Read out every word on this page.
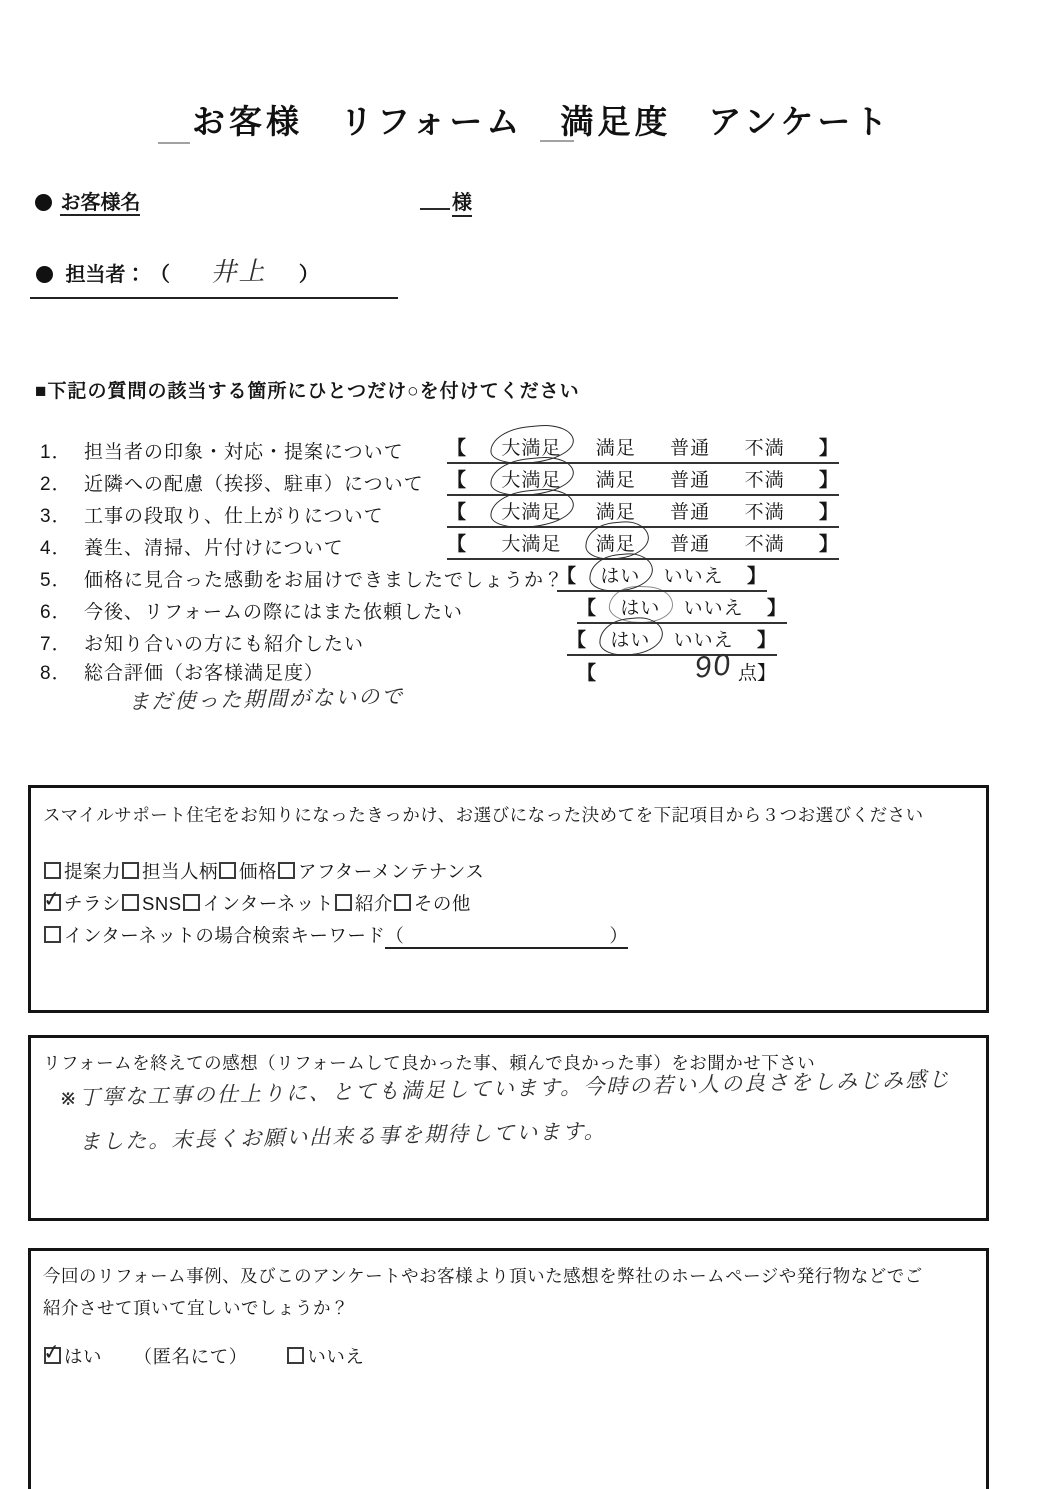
お客様　リフォーム　満足度　アンケート
お客様名	様
担当者： （ 井上 ）
■下記の質問の該当する箇所にひとつだけ○を付けてください
1． 担当者の印象・対応・提案について 【 大満足 満足 普通 不満 】
2． 近隣への配慮（挨拶、駐車）について 【 大満足 満足 普通 不満 】
3． 工事の段取り、仕上がりについて	【 大満足 満足 普通 不満 】
4． 養生、清掃、片付けについて	【 大満足 満足 普通 不満 】
5． 価格に見合った感動をお届けできましたでしょうか？
【 はい いいえ 】
6． 今後、リフォームの際にはまた依頼したい	【 はい いいえ 】
7． お知り合いの方にも紹介したい	【 はい いいえ 】
8． 総合評価（お客様満足度）	【	90 点】
まだ使った期間がないので
スマイルサポート住宅をお知りになったきっかけ、お選びになった決めてを下記項目から３つお選びください
提案力 担当人柄 価格 アフターメンテナンス
✓チラシ SNS インターネット 紹介 その他
インターネットの場合検索キーワード（	）
リフォームを終えての感想（リフォームして良かった事、頼んで良かった事）をお聞かせ下さい
※丁寧な工事の仕上りに、とても満足しています。今時の若い人の良さをしみじみ感じ
ました。末長くお願い出来る事を期待しています。
今回のリフォーム事例、及びこのアンケートやお客様より頂いた感想を弊社のホームページや発行物などでご
紹介させて頂いて宜しいでしょうか？
✓はい （匿名にて）	いいえ
